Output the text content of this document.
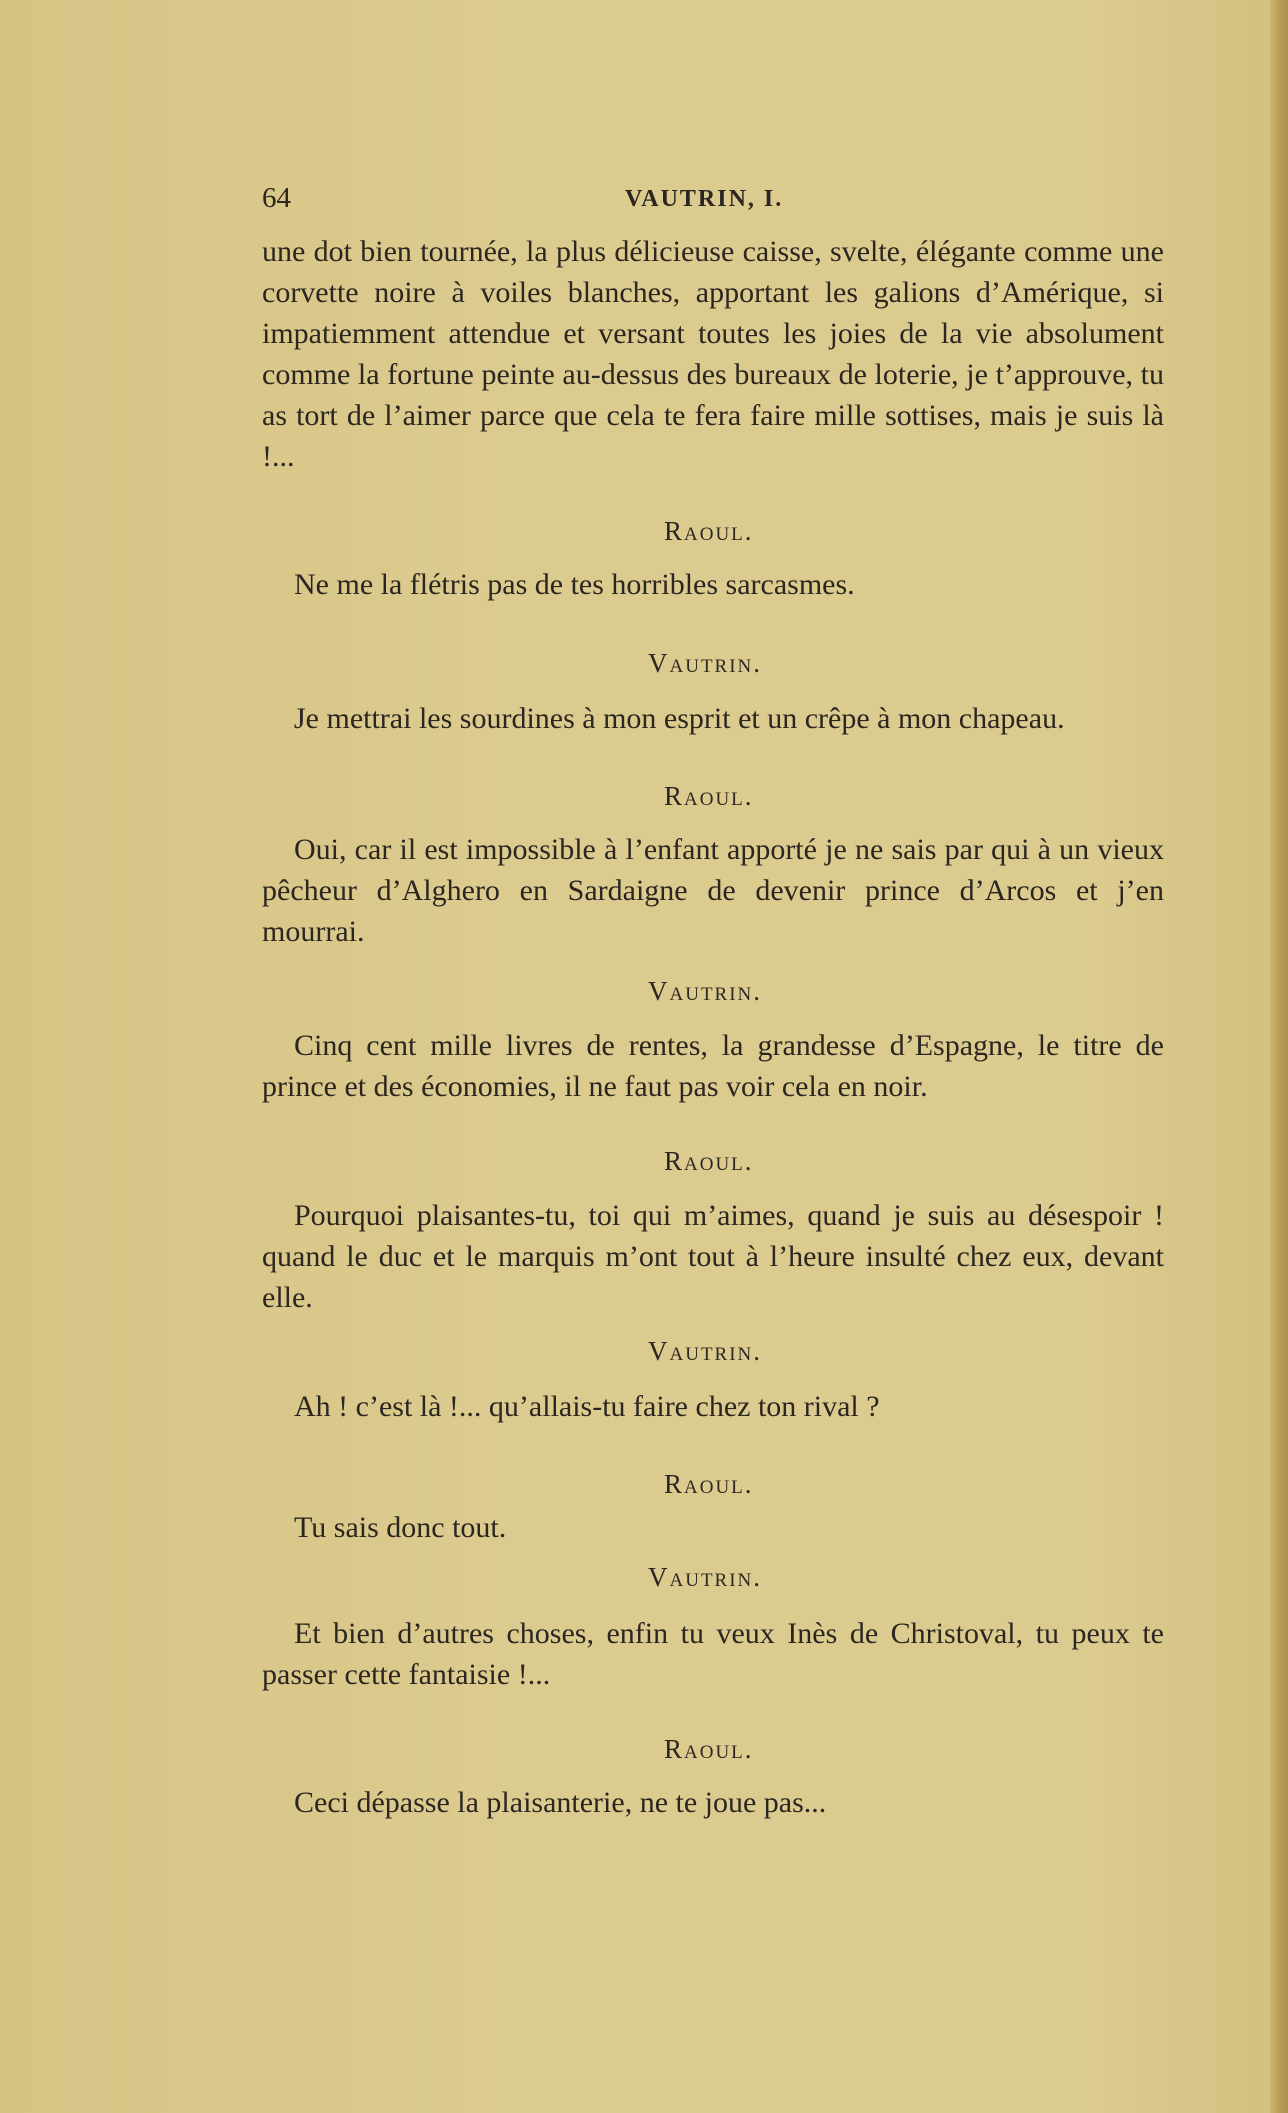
64	VAUTRIN, I.
une dot bien tournée, la plus délicieuse caisse, svelte, élégante comme une corvette noire à voiles blanches, apportant les galions d’Amérique, si impatiemment attendue et versant toutes les joies de la vie absolument comme la fortune peinte au-dessus des bureaux de loterie, je t’approuve, tu as tort de l’aimer parce que cela te fera faire mille sottises, mais je suis là !...
Raoul.
Ne me la flétris pas de tes horribles sarcasmes.
Vautrin.
Je mettrai les sourdines à mon esprit et un crêpe à mon chapeau.
Raoul.
Oui, car il est impossible à l’enfant apporté je ne sais par qui à un vieux pêcheur d’Alghero en Sardaigne de devenir prince d’Arcos et j’en mourrai.
Vautrin.
Cinq cent mille livres de rentes, la grandesse d’Espagne, le titre de prince et des économies, il ne faut pas voir cela en noir.
Raoul.
Pourquoi plaisantes-tu, toi qui m’aimes, quand je suis au désespoir ! quand le duc et le marquis m’ont tout à l’heure insulté chez eux, devant elle.
Vautrin.
Ah ! c’est là !... qu’allais-tu faire chez ton rival ?
Raoul.
Tu sais donc tout.
Vautrin.
Et bien d’autres choses, enfin tu veux Inès de Christoval, tu peux te passer cette fantaisie !...
Raoul.
Ceci dépasse la plaisanterie, ne te joue pas...
